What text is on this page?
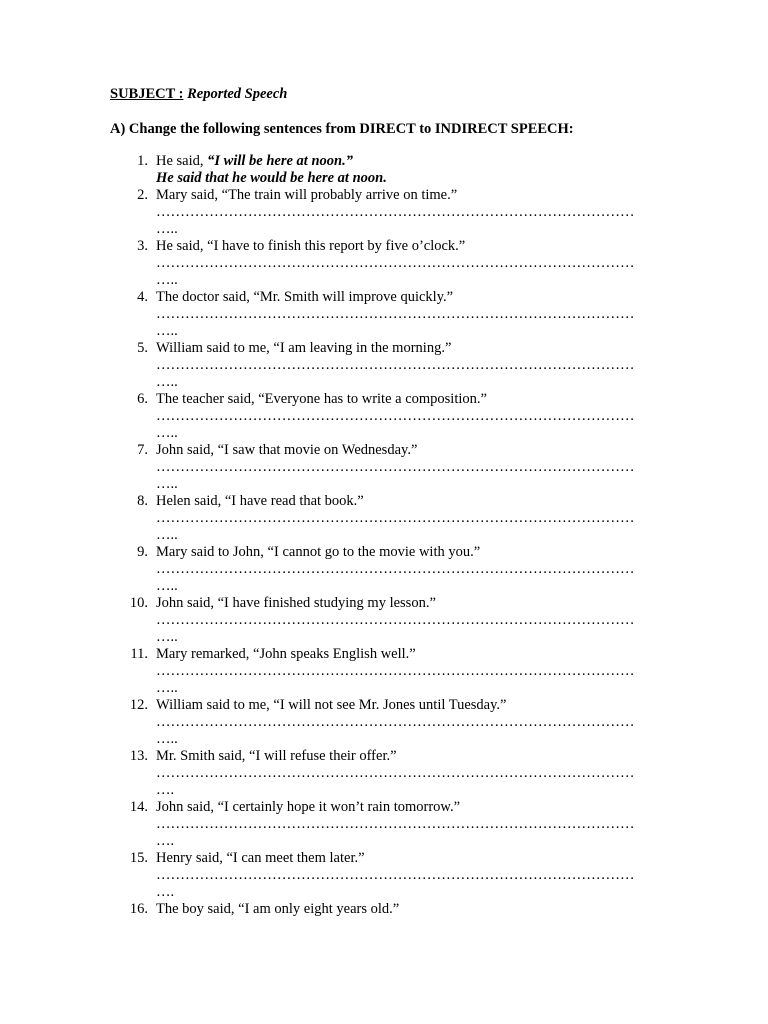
SUBJECT : Reported Speech
A) Change the following sentences from DIRECT to INDIRECT SPEECH:
1. He said, “I will be here at noon.”
He said that he would be here at noon.
2. Mary said, “The train will probably arrive on time.”
………………………………………………………………………………………
…..
3. He said, “I have to finish this report by five o’clock.”
………………………………………………………………………………………
…..
4. The doctor said, “Mr. Smith will improve quickly.”
………………………………………………………………………………………
…..
5. William said to me, “I am leaving in the morning.”
………………………………………………………………………………………
…..
6. The teacher said, “Everyone has to write a composition.”
………………………………………………………………………………………
…..
7. John said, “I saw that movie on Wednesday.”
………………………………………………………………………………………
…..
8. Helen said, “I have read that book.”
………………………………………………………………………………………
…..
9. Mary said to John, “I cannot go to the movie with you.”
………………………………………………………………………………………
…..
10. John said, “I have finished studying my lesson.”
………………………………………………………………………………………
…..
11. Mary remarked, “John speaks English well.”
………………………………………………………………………………………
…..
12. William said to me, “I will not see Mr. Jones until Tuesday.”
………………………………………………………………………………………
…..
13. Mr. Smith said, “I will refuse their offer.”
………………………………………………………………………………………
….
14. John said, “I certainly hope it won’t rain tomorrow.”
………………………………………………………………………………………
….
15. Henry said, “I can meet them later.”
………………………………………………………………………………………
….
16. The boy said, “I am only eight years old.”
